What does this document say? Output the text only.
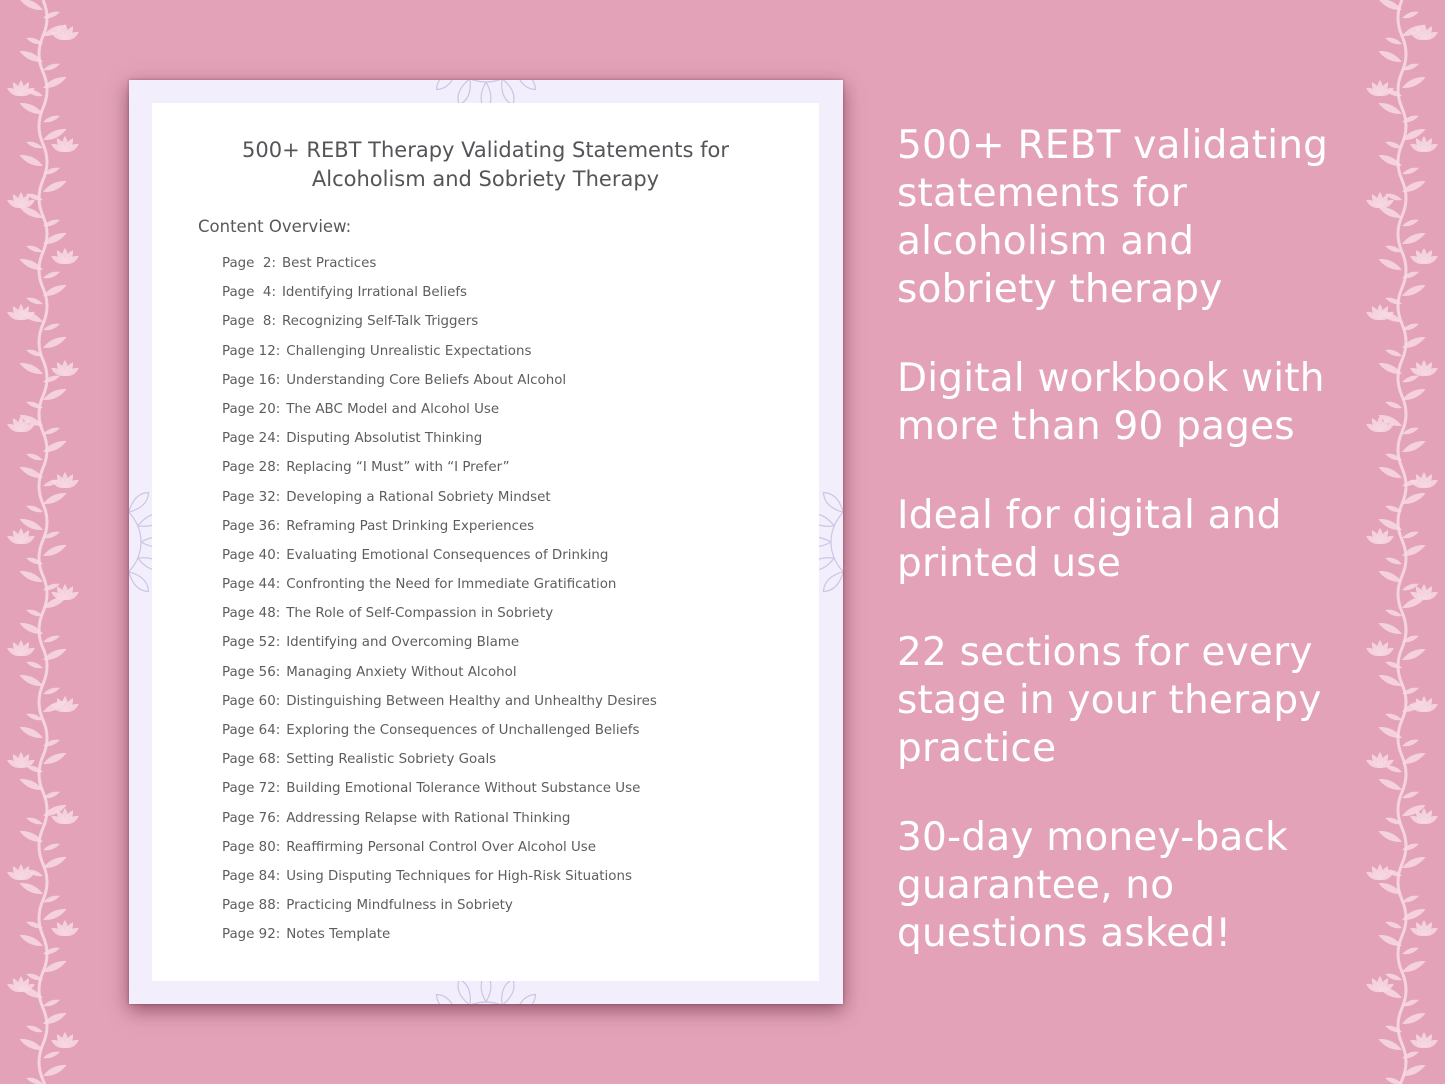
500+ REBT Therapy Validating Statements for
Alcoholism and Sobriety Therapy

Content Overview:

Page  2: Best Practices
Page  4: Identifying Irrational Beliefs
Page  8: Recognizing Self-Talk Triggers
Page 12: Challenging Unrealistic Expectations
Page 16: Understanding Core Beliefs About Alcohol
Page 20: The ABC Model and Alcohol Use
Page 24: Disputing Absolutist Thinking
Page 28: Replacing “I Must” with “I Prefer”
Page 32: Developing a Rational Sobriety Mindset
Page 36: Reframing Past Drinking Experiences
Page 40: Evaluating Emotional Consequences of Drinking
Page 44: Confronting the Need for Immediate Gratification
Page 48: The Role of Self-Compassion in Sobriety
Page 52: Identifying and Overcoming Blame
Page 56: Managing Anxiety Without Alcohol
Page 60: Distinguishing Between Healthy and Unhealthy Desires
Page 64: Exploring the Consequences of Unchallenged Beliefs
Page 68: Setting Realistic Sobriety Goals
Page 72: Building Emotional Tolerance Without Substance Use
Page 76: Addressing Relapse with Rational Thinking
Page 80: Reaffirming Personal Control Over Alcohol Use
Page 84: Using Disputing Techniques for High-Risk Situations
Page 88: Practicing Mindfulness in Sobriety
Page 92: Notes Template
500+ REBT validating statements for alcoholism and sobriety therapy
Digital workbook with more than 90 pages
Ideal for digital and printed use
22 sections for every stage in your therapy practice
30-day money-back guarantee, no questions asked!
